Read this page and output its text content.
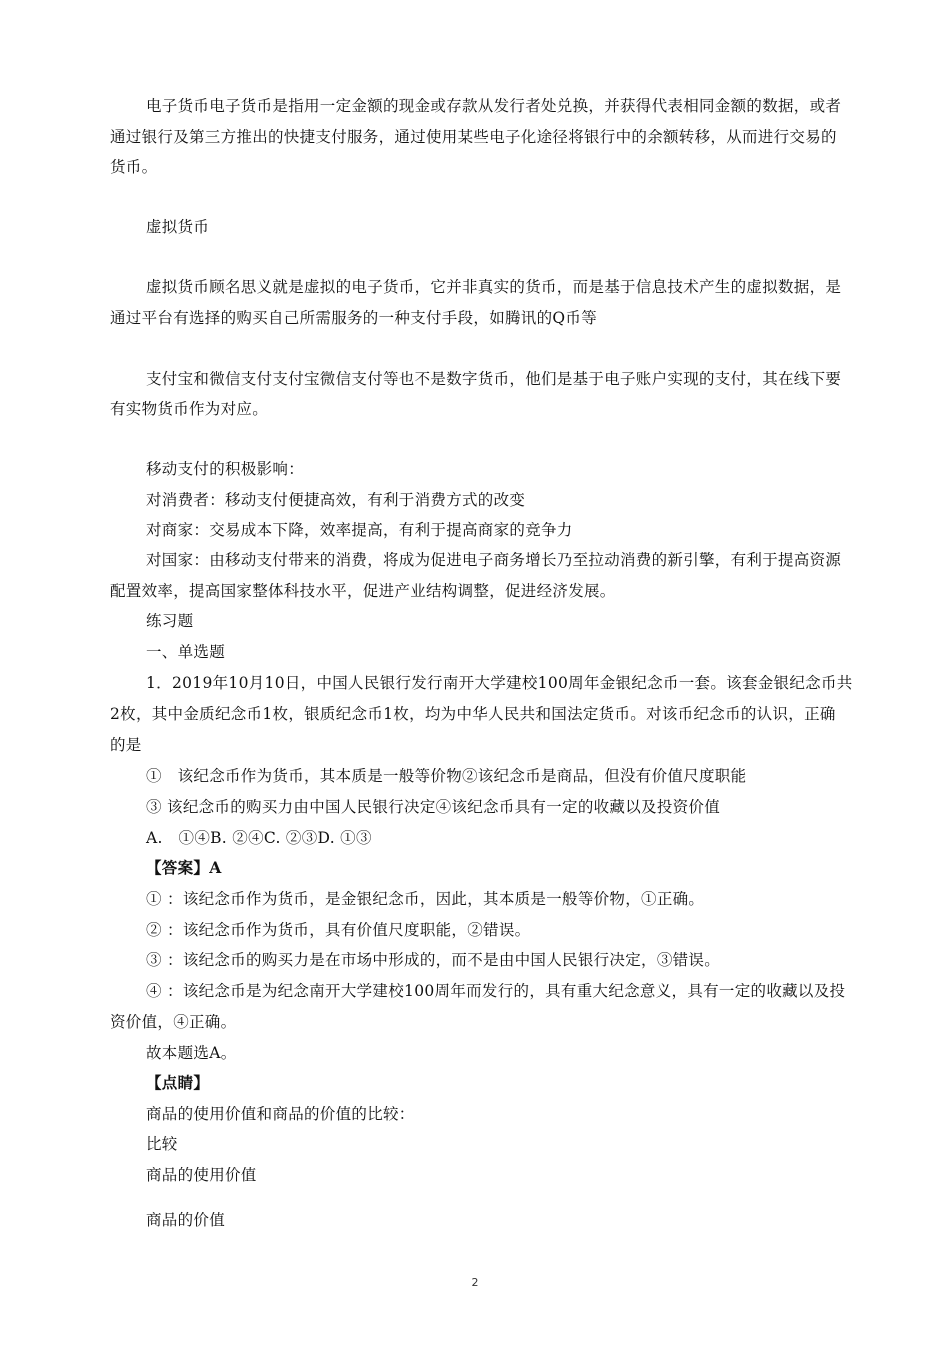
电子货币电子货币是指用一定金额的现金或存款从发行者处兑换，并获得代表相同金额的数据，或者
通过银行及第三方推出的快捷支付服务，通过使用某些电子化途径将银行中的余额转移，从而进行交易的
货币。
虚拟货币
虚拟货币顾名思义就是虚拟的电子货币，它并非真实的货币，而是基于信息技术产生的虚拟数据，是
通过平台有选择的购买自己所需服务的一种支付手段，如腾讯的Q币等
支付宝和微信支付支付宝微信支付等也不是数字货币，他们是基于电子账户实现的支付，其在线下要
有实物货币作为对应。
移动支付的积极影响：
对消费者：移动支付便捷高效，有利于消费方式的改变
对商家：交易成本下降，效率提高，有利于提高商家的竞争力
对国家：由移动支付带来的消费，将成为促进电子商务增长乃至拉动消费的新引擎，有利于提高资源
配置效率，提高国家整体科技水平，促进产业结构调整，促进经济发展。
练习题
一、单选题
1．2019年10月10日，中国人民银行发行南开大学建校100周年金银纪念币一套。该套金银纪念币共
2枚，其中金质纪念币1枚，银质纪念币1枚，均为中华人民共和国法定货币。对该币纪念币的认识，正确
的是
①　该纪念币作为货币，其本质是一般等价物②该纪念币是商品，但没有价值尺度职能
③ 该纪念币的购买力由中国人民银行决定④该纪念币具有一定的收藏以及投资价值
A.　①④B. ②④C. ②③D. ①③
【答案】A
① ：该纪念币作为货币，是金银纪念币，因此，其本质是一般等价物，①正确。
② ：该纪念币作为货币，具有价值尺度职能，②错误。
③ ：该纪念币的购买力是在市场中形成的，而不是由中国人民银行决定，③错误。
④ ：该纪念币是为纪念南开大学建校100周年而发行的，具有重大纪念意义，具有一定的收藏以及投
资价值，④正确。
故本题选A。
【点睛】
商品的使用价值和商品的价值的比较：
比较
商品的使用价值
商品的价值
2
